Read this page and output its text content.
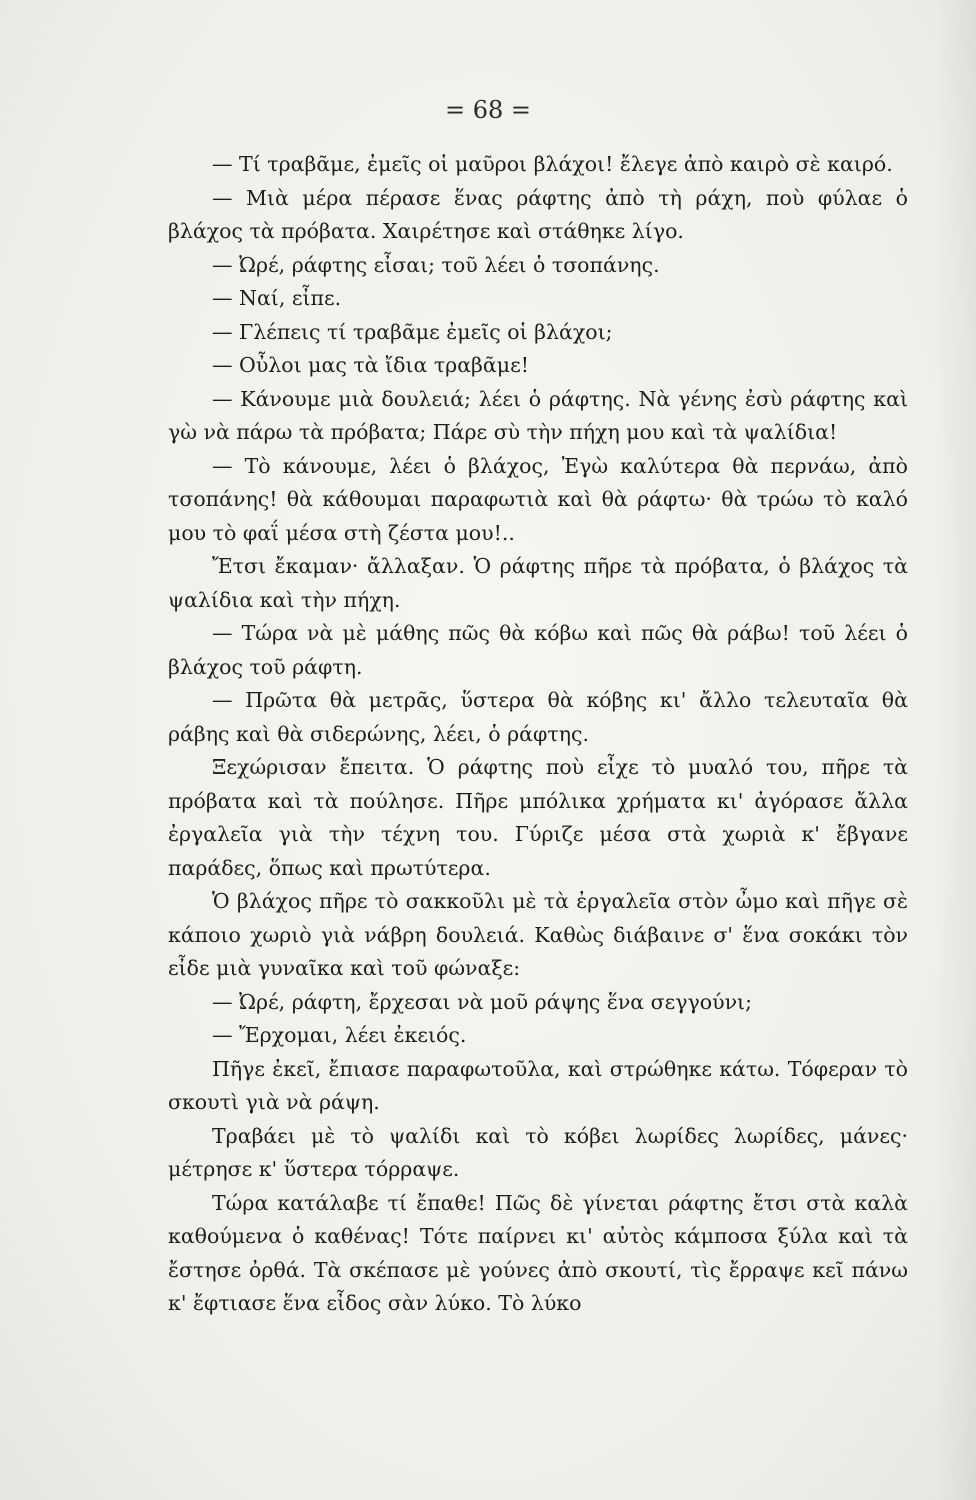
= 68 =

— Τί τραβᾶμε, ἐμεῖς οἱ μαῦροι βλάχοι! ἔλεγε ἀπὸ καιρὸ σὲ καιρό.

— Μιὰ μέρα πέρασε ἕνας ράφτης ἀπὸ τὴ ράχη, ποὺ φύλαε ὁ βλάχος τὰ πρόβατα. Χαιρέτησε καὶ στάθηκε λίγο.

— Ὠρέ, ράφτης εἶσαι; τοῦ λέει ὁ τσοπάνης.

— Ναί, εἶπε.

— Γλέπεις τί τραβᾶμε ἐμεῖς οἱ βλάχοι;

— Οὖλοι μας τὰ ἴδια τραβᾶμε!

— Κάνουμε μιὰ δουλειά; λέει ὁ ράφτης. Νὰ γένης ἐσὺ ράφτης καὶ γὼ νὰ πάρω τὰ πρόβατα; Πάρε σὺ τὴν πήχη μου καὶ τὰ ψαλίδια!

— Τὸ κάνουμε, λέει ὁ βλάχος, Ἐγὼ καλύτερα θὰ περνάω, ἀπὸ τσοπάνης! θὰ κάθουμαι παραφωτιὰ καὶ θὰ ράφτω· θὰ τρώω τὸ καλό μου τὸ φαΐ μέσα στὴ ζέστα μου!..

Ἔτσι ἔκαμαν· ἄλλαξαν. Ὁ ράφτης πῆρε τὰ πρόβατα, ὁ βλάχος τὰ ψαλίδια καὶ τὴν πήχη.

— Τώρα νὰ μὲ μάθης πῶς θὰ κόβω καὶ πῶς θὰ ράβω! τοῦ λέει ὁ βλάχος τοῦ ράφτη.

— Πρῶτα θὰ μετρᾶς, ὕστερα θὰ κόβης κι' ἄλλο τελευταῖα θὰ ράβης καὶ θὰ σιδερώνης, λέει, ὁ ράφτης.

Ξεχώρισαν ἔπειτα. Ὁ ράφτης ποὺ εἶχε τὸ μυαλό του, πῆρε τὰ πρόβατα καὶ τὰ πούλησε. Πῆρε μπόλικα χρήματα κι' ἀγόρασε ἄλλα ἐργαλεῖα γιὰ τὴν τέχνη του. Γύριζε μέσα στὰ χωριὰ κ' ἔβγανε παράδες, ὅπως καὶ πρωτύτερα.

Ὁ βλάχος πῆρε τὸ σακκοῦλι μὲ τὰ ἐργαλεῖα στὸν ὦμο καὶ πῆγε σὲ κάποιο χωριὸ γιὰ νάβρη δουλειά. Καθὼς διάβαινε σ' ἕνα σοκάκι τὸν εἶδε μιὰ γυναῖκα καὶ τοῦ φώναξε:

— Ὠρέ, ράφτη, ἔρχεσαι νὰ μοῦ ράψης ἕνα σεγγούνι;

— Ἔρχομαι, λέει ἐκειός.

Πῆγε ἐκεῖ, ἔπιασε παραφωτοῦλα, καὶ στρώθηκε κάτω. Τόφεραν τὸ σκουτὶ γιὰ νὰ ράψη.

Τραβάει μὲ τὸ ψαλίδι καὶ τὸ κόβει λωρίδες λωρίδες, μάνες· μέτρησε κ' ὕστερα τόρραψε.

Τώρα κατάλαβε τί ἔπαθε! Πῶς δὲ γίνεται ράφτης ἔτσι στὰ καλὰ καθούμενα ὁ καθένας! Τότε παίρνει κι' αὐτὸς κάμποσα ξύλα καὶ τὰ ἔστησε ὀρθά. Τὰ σκέπασε μὲ γούνες ἀπὸ σκουτί, τὶς ἔρραψε κεῖ πάνω κ' ἔφτιασε ἕνα εἶδος σὰν λύκο. Τὸ λύκο
